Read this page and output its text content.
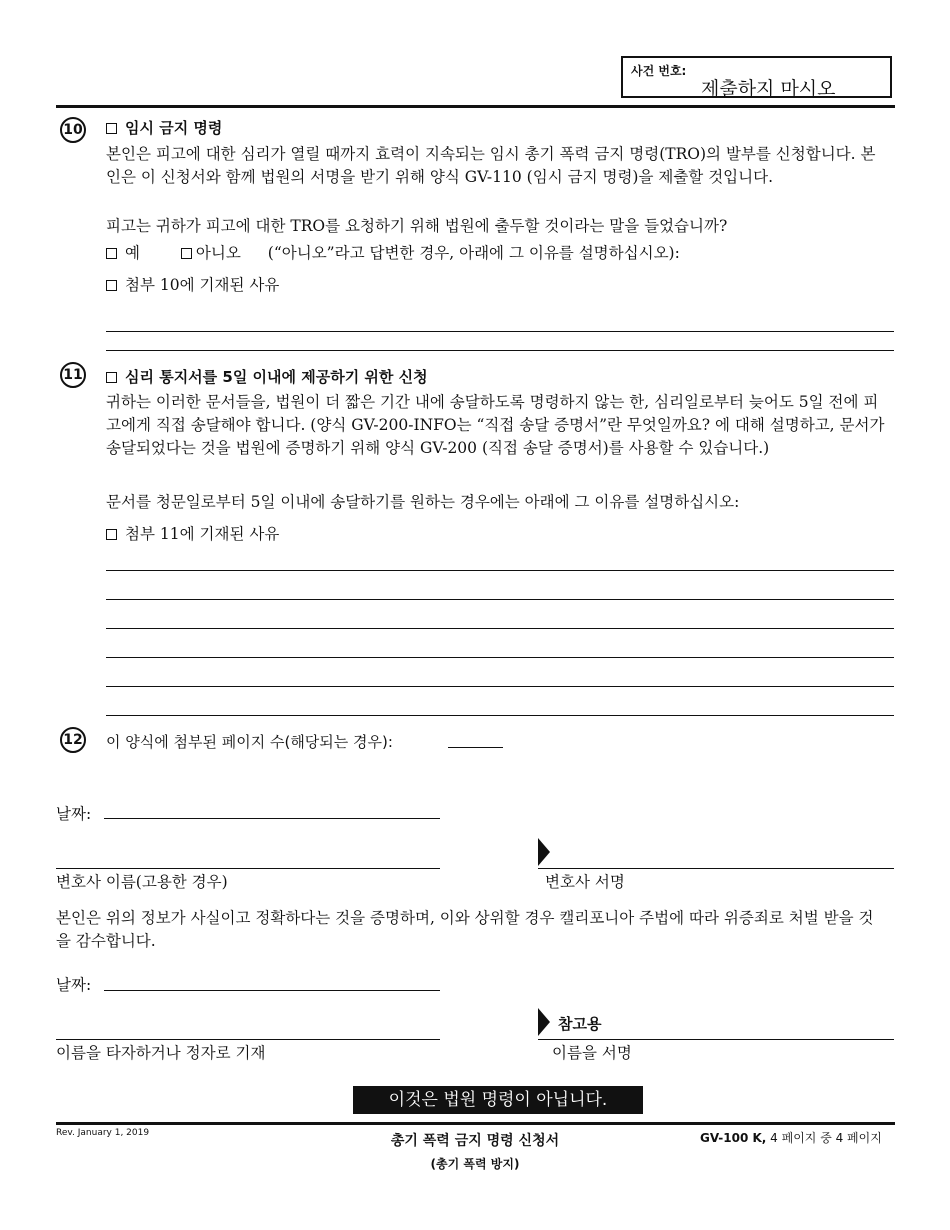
사건 번호:
제출하지 마시오
10	임시 금지 명령
본인은 피고에 대한 심리가 열릴 때까지 효력이 지속되는 임시 총기 폭력 금지 명령(TRO)의 발부를 신청합니다. 본인은 이 신청서와 함께 법원의 서명을 받기 위해 양식 GV-110 (임시 금지 명령)을 제출할 것입니다.
피고는 귀하가 피고에 대한 TRO를 요청하기 위해 법원에 출두할 것이라는 말을 들었습니까?
예	아니오 (“아니오”라고 답변한 경우, 아래에 그 이유를 설명하십시오):
첨부 10에 기재된 사유
11	심리 통지서를 5일 이내에 제공하기 위한 신청
귀하는 이러한 문서들을, 법원이 더 짧은 기간 내에 송달하도록 명령하지 않는 한, 심리일로부터 늦어도 5일 전에 피고에게 직접 송달해야 합니다. (양식 GV-200-INFO는 “직접 송달 증명서”란 무엇일까요? 에 대해 설명하고, 문서가 송달되었다는 것을 법원에 증명하기 위해 양식 GV-200 (직접 송달 증명서)를 사용할 수 있습니다.)
문서를 청문일로부터 5일 이내에 송달하기를 원하는 경우에는 아래에 그 이유를 설명하십시오:
첨부 11에 기재된 사유
12 이 양식에 첨부된 페이지 수(해당되는 경우):
날짜:
변호사 이름(고용한 경우)	변호사 서명
본인은 위의 정보가 사실이고 정확하다는 것을 증명하며, 이와 상위할 경우 캘리포니아 주법에 따라 위증죄로 처벌 받을 것을 감수합니다.
날짜:
참고용
이름을 타자하거나 정자로 기재	이름을 서명
이것은 법원 명령이 아닙니다.
Rev. January 1, 2019	총기 폭력 금지 명령 신청서
(총기 폭력 방지)
GV-100 K, 4 페이지 중 4 페이지
